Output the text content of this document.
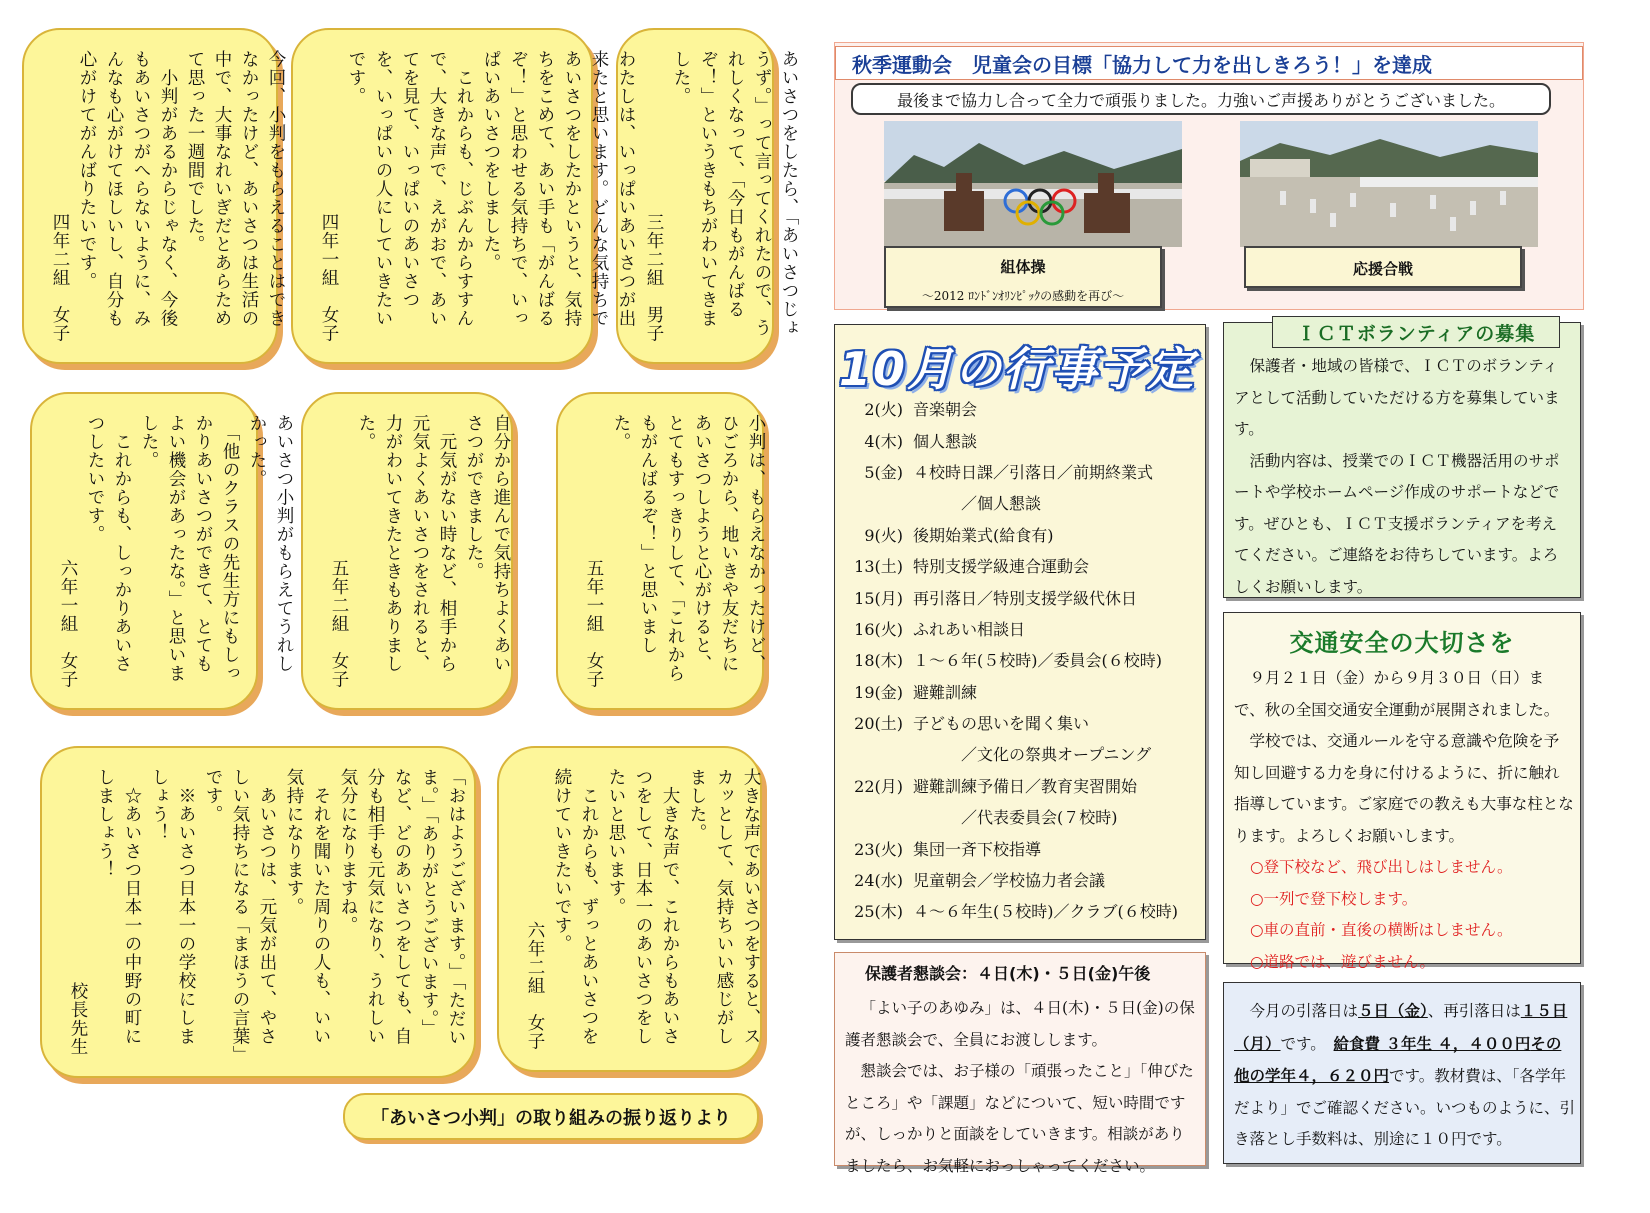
あいさつをしたら、「あいさつじょうず。」って言ってくれたので、うれしくなって、「今日もがんばるぞ！」というきもちがわいてきました。
三年二組　男子
わたしは、いっぱいあいさつが出来たと思います。どんな気持ちであいさつをしたかというと、気持ちをこめて、あい手も「がんばるぞ！」と思わせる気持ちで、いっぱいあいさつをしました。
　これからも、じぶんからすすんで、大きな声で、えがおで、あいてを見て、いっぱいのあいさつを、いっぱいの人にしていきたいです。
四年一組　女子
今回、小判をもらえることはできなかったけど、あいさつは生活の中で、大事なれいぎだとあらためて思った一週間でした。
　小判があるからじゃなく、今後もあいさつがへらないように、みんなも心がけてほしいし、自分も心がけてがんばりたいです。
四年二組　女子
小判は、もらえなかったけど、ひごろから、地いきや友だちにあいさつしようと心がけると、とてもすっきりして、「これからもがんばるぞ！」と思いました。
五年一組　女子
自分から進んで気持ちよくあいさつができました。
　元気がない時など、相手から元気よくあいさつをされると、力がわいてきたときもありました。
五年二組　女子
あいさつ小判がもらえてうれしかった。
　「他のクラスの先生方にもしっかりあいさつができて、とてもよい機会があったな。」と思いました。
　これからも、しっかりあいさつしたいです。
六年一組　女子
大きな声であいさつをすると、スカッとして、気持ちいい感じがしました。
　大きな声で、これからもあいさつをして、日本一のあいさつをしたいと思います。
　これからも、ずっとあいさつを続けていきたいです。
六年二組　女子
「おはようございます。」「ただいま。」「ありがとうございます。」など、どのあいさつをしても、自分も相手も元気になり、うれしい気分になりますね。
　それを聞いた周りの人も、いい気持になります。
　あいさつは、元気が出て、やさしい気持ちになる「まほうの言葉」です。
　※あいさつ日本一の学校にしましょう！
　☆あいさつ日本一の中野の町にしましょう！
校長先生
「あいさつ小判」の取り組みの振り返りより
秋季運動会　児童会の目標「協力して力を出しきろう！」を達成
最後まで協力し合って全力で頑張りました。力強いご声援ありがとうございました。
組体操
～2012 ﾛﾝﾄﾞﾝｵﾘﾝﾋﾟｯｸの感動を再び～
応援合戦
10月の行事予定
2(火) 音楽朝会
4(木) 個人懇談
5(金) ４校時日課／引落日／前期終業式
／個人懇談
9(火) 後期始業式(給食有)
13(土) 特別支援学級連合運動会
15(月) 再引落日／特別支援学級代休日
16(火) ふれあい相談日
18(木) １～６年(５校時)／委員会(６校時)
19(金) 避難訓練
20(土) 子どもの思いを聞く集い
／文化の祭典オープニング
22(月) 避難訓練予備日／教育実習開始
／代表委員会(７校時)
23(火) 集団一斉下校指導
24(水) 児童朝会／学校協力者会議
25(木) ４～６年生(５校時)／クラブ(６校時)
ＩＣＴボランティアの募集
保護者・地域の皆様で、ＩＣＴのボランティアとして活動していただける方を募集しています。
活動内容は、授業でのＩＣＴ機器活用のサポートや学校ホームページ作成のサポートなどです。ぜひとも、ＩＣＴ支援ボランティアを考えてください。ご連絡をお待ちしています。よろしくお願いします。
交通安全の大切さを

９月２１日（金）から９月３０日（日）まで、秋の全国交通安全運動が展開されました。

学校では、交通ルールを守る意識や危険を予知し回避する力を身に付けるように、折に触れ指導しています。ご家庭での教えも大事な柱となります。よろしくお願いします。

○登下校など、飛び出しはしません。
○一列で登下校します。
○車の直前・直後の横断はしません。
○道路では、遊びません。
保護者懇談会：４日(木)・５日(金)午後
「よい子のあゆみ」は、４日(木)・５日(金)の保護者懇談会で、全員にお渡しします。
懇談会では、お子様の「頑張ったこと」「伸びたところ」や「課題」などについて、短い時間ですが、しっかりと面談をしていきます。相談がありましたら、お気軽におっしゃってください。
今月の引落日は５日（金）、再引落日は１５日（月）です。　 給食費 ３年生 ４，４００円その他の学年４，６２０円です。教材費は、「各学年だより」でご確認ください。いつものように、引き落とし手数料は、別途に１０円です。
